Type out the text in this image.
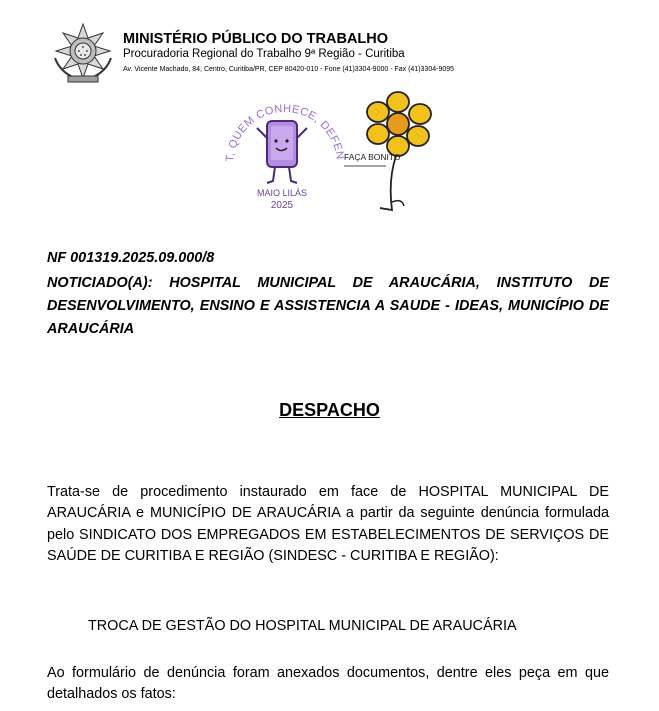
MINISTÉRIO PÚBLICO DO TRABALHO
Procuradoria Regional do Trabalho 9ª Região - Curitiba
Av. Vicente Machado, 84, Centro, Curitiba/PR, CEP 80420-010 - Fone (41)3304-9000 - Fax (41)3304-9095
T, QUEM CONHECE, DEFEN
MAIO LILÁS
2025
FAÇA BONITO
NF 001319.2025.09.000/8
NOTICIADO(A): HOSPITAL MUNICIPAL DE ARAUCÁRIA, INSTITUTO DE DESENVOLVIMENTO, ENSINO E ASSISTENCIA A SAUDE - IDEAS, MUNICÍPIO DE ARAUCÁRIA
DESPACHO
Trata-se de procedimento instaurado em face de HOSPITAL MUNICIPAL DE ARAUCÁRIA e MUNICÍPIO DE ARAUCÁRIA a partir da seguinte denúncia formulada pelo SINDICATO DOS EMPREGADOS EM ESTABELECIMENTOS DE SERVIÇOS DE SAÚDE DE CURITIBA E REGIÃO (SINDESC - CURITIBA E REGIÃO):
TROCA DE GESTÃO DO HOSPITAL MUNICIPAL DE ARAUCÁRIA
Ao formulário de denúncia foram anexados documentos, dentre eles peça em que detalhados os fatos:
